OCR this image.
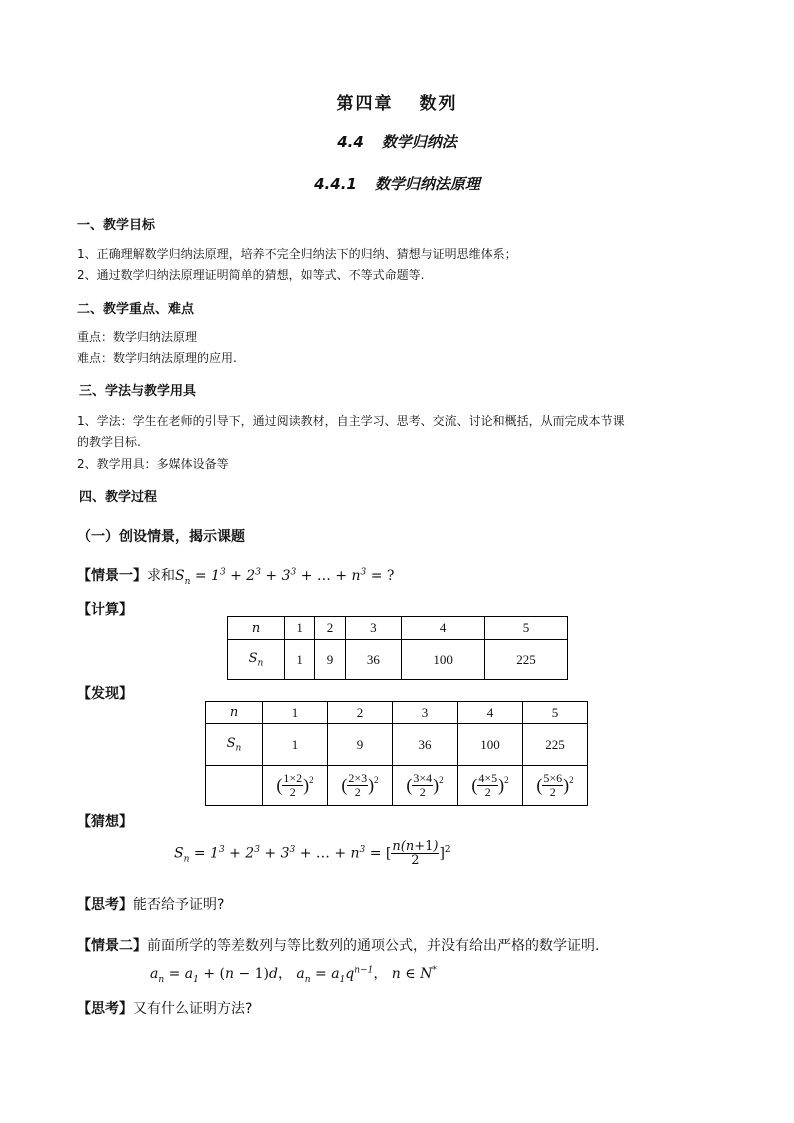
第四章 数列
4.4 数学归纳法
4.4.1 数学归纳法原理
一、教学目标
1、正确理解数学归纳法原理，培养不完全归纳法下的归纳、猜想与证明思维体系；
2、通过数学归纳法原理证明简单的猜想，如等式、不等式命题等.
二、教学重点、难点
重点：数学归纳法原理
难点：数学归纳法原理的应用.
三、学法与教学用具
1、学法：学生在老师的引导下，通过阅读教材，自主学习、思考、交流、讨论和概括，从而完成本节课
的教学目标.
2、教学用具：多媒体设备等
四、教学过程
（一）创设情景，揭示课题
【情景一】求和$S_n = 1^3 + 2^3 + 3^3$ + … + $n^3$ = ?
【计算】
n	1	2	3	4	5
$S_n$	1	9	36	100	225
【发现】
n	1	2	3	4	5
$S_n$	1	9	36	100	225
	( $\frac{1\times 2}{2} )^2$	( $\frac{2\times 3}{2} )^2$	( $\frac{3\times 4}{2} )^2$	( $\frac{4\times 5}{2} )^2$	( $\frac{5\times 6}{2} )^2$
【猜想】
$S_n = 1^3 + 2^3 + 3^3$ + … + $n^3$ = [ $\frac{n(n+1)}{2} ]^2$
【思考】能否给予证明?
【情景二】前面所学的等差数列与等比数列的通项公式，并没有给出严格的数学证明.
$a_n = a_1 + (n - 1)d$， $a_n = a_1q^{n-1}$， n ∈ N*
【思考】又有什么证明方法?
